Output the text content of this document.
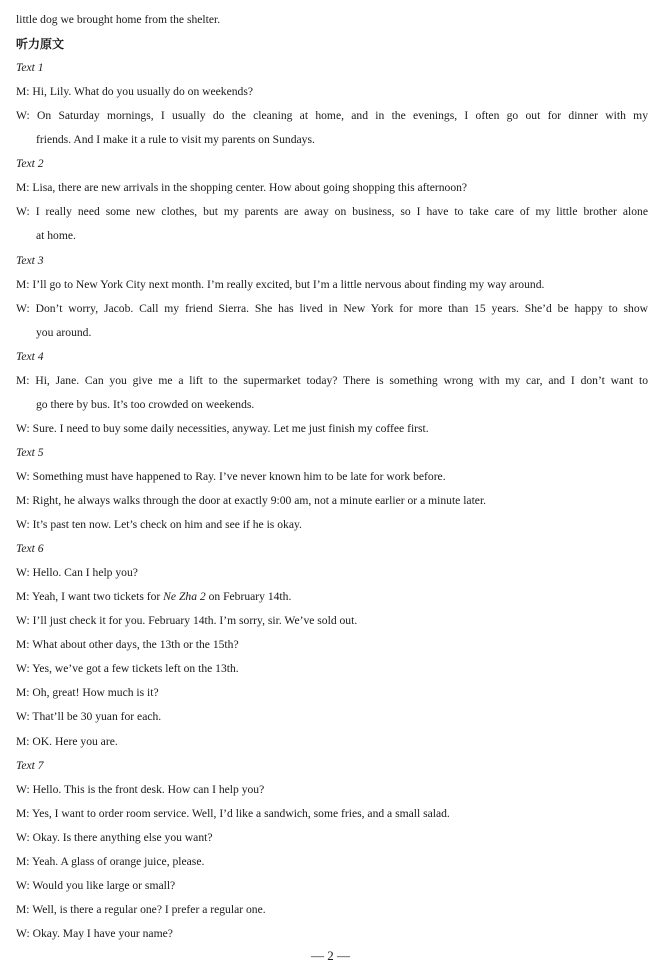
little dog we brought home from the shelter.
听力原文
Text 1
M: Hi, Lily. What do you usually do on weekends?
W: On Saturday mornings, I usually do the cleaning at home, and in the evenings, I often go out for dinner with my
friends. And I make it a rule to visit my parents on Sundays.
Text 2
M: Lisa, there are new arrivals in the shopping center. How about going shopping this afternoon?
W: I really need some new clothes, but my parents are away on business, so I have to take care of my little brother alone
at home.
Text 3
M: I’ll go to New York City next month. I’m really excited, but I’m a little nervous about finding my way around.
W: Don’t worry, Jacob. Call my friend Sierra. She has lived in New York for more than 15 years. She’d be happy to show
you around.
Text 4
M: Hi, Jane. Can you give me a lift to the supermarket today? There is something wrong with my car, and I don’t want to
go there by bus. It’s too crowded on weekends.
W: Sure. I need to buy some daily necessities, anyway. Let me just finish my coffee first.
Text 5
W: Something must have happened to Ray. I’ve never known him to be late for work before.
M: Right, he always walks through the door at exactly 9:00 am, not a minute earlier or a minute later.
W: It’s past ten now. Let’s check on him and see if he is okay.
Text 6
W: Hello. Can I help you?
M: Yeah, I want two tickets for Ne Zha 2 on February 14th.
W: I’ll just check it for you. February 14th. I’m sorry, sir. We’ve sold out.
M: What about other days, the 13th or the 15th?
W: Yes, we’ve got a few tickets left on the 13th.
M: Oh, great! How much is it?
W: That’ll be 30 yuan for each.
M: OK. Here you are.
Text 7
W: Hello. This is the front desk. How can I help you?
M: Yes, I want to order room service. Well, I’d like a sandwich, some fries, and a small salad.
W: Okay. Is there anything else you want?
M: Yeah. A glass of orange juice, please.
W: Would you like large or small?
M: Well, is there a regular one? I prefer a regular one.
W: Okay. May I have your name?
— 2 —
